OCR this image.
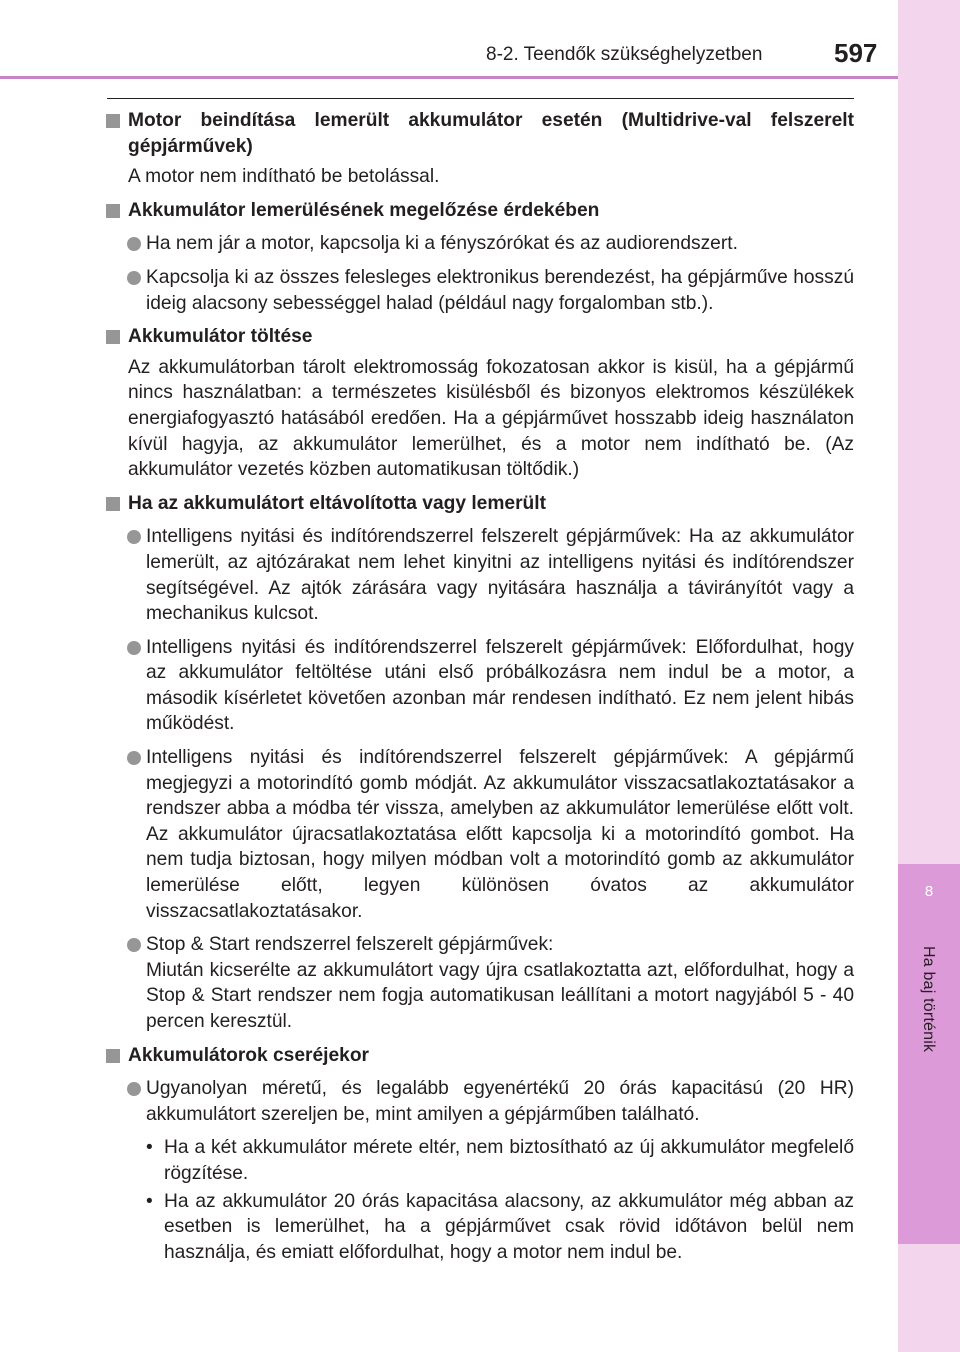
8
Ha baj történik
8-2. Teendők szükséghelyzetben	597
Motor beindítása lemerült akkumulátor esetén (Multidrive-val felszerelt gépjárművek)
A motor nem indítható be betolással.
Akkumulátor lemerülésének megelőzése érdekében
Ha nem jár a motor, kapcsolja ki a fényszórókat és az audiorendszert.
Kapcsolja ki az összes felesleges elektronikus berendezést, ha gépjárműve hosszú ideig alacsony sebességgel halad (például nagy forgalomban stb.).
Akkumulátor töltése
Az akkumulátorban tárolt elektromosság fokozatosan akkor is kisül, ha a gépjármű nincs használatban: a természetes kisülésből és bizonyos elektromos készülékek energiafogyasztó hatásából eredően. Ha a gépjárművet hosszabb ideig használaton kívül hagyja, az akkumulátor lemerülhet, és a motor nem indítható be. (Az akkumulátor vezetés közben automatikusan töltődik.)
Ha az akkumulátort eltávolította vagy lemerült
Intelligens nyitási és indítórendszerrel felszerelt gépjárművek: Ha az akkumulátor lemerült, az ajtózárakat nem lehet kinyitni az intelligens nyitási és indítórendszer segítségével. Az ajtók zárására vagy nyitására használja a távirányítót vagy a mechanikus kulcsot.
Intelligens nyitási és indítórendszerrel felszerelt gépjárművek: Előfordulhat, hogy az akkumulátor feltöltése utáni első próbálkozásra nem indul be a motor, a második kísérletet követően azonban már rendesen indítható. Ez nem jelent hibás működést.
Intelligens nyitási és indítórendszerrel felszerelt gépjárművek: A gépjármű megjegyzi a motorindító gomb módját. Az akkumulátor visszacsatlakoztatásakor a rendszer abba a módba tér vissza, amelyben az akkumulátor lemerülése előtt volt. Az akkumulátor újracsatlakoztatása előtt kapcsolja ki a motorindító gombot. Ha nem tudja biztosan, hogy milyen módban volt a motorindító gomb az akkumulátor lemerülése előtt, legyen különösen óvatos az akkumulátor visszacsatlakoztatásakor.
Stop & Start rendszerrel felszerelt gépjárművek:
Miután kicserélte az akkumulátort vagy újra csatlakoztatta azt, előfordulhat, hogy a Stop & Start rendszer nem fogja automatikusan leállítani a motort nagyjából 5 - 40 percen keresztül.
Akkumulátorok cseréjekor
Ugyanolyan méretű, és legalább egyenértékű 20 órás kapacitású (20 HR) akkumulátort szereljen be, mint amilyen a gépjárműben található.
• Ha a két akkumulátor mérete eltér, nem biztosítható az új akkumulátor megfelelő rögzítése.
• Ha az akkumulátor 20 órás kapacitása alacsony, az akkumulátor még abban az esetben is lemerülhet, ha a gépjárművet csak rövid időtávon belül nem használja, és emiatt előfordulhat, hogy a motor nem indul be.
